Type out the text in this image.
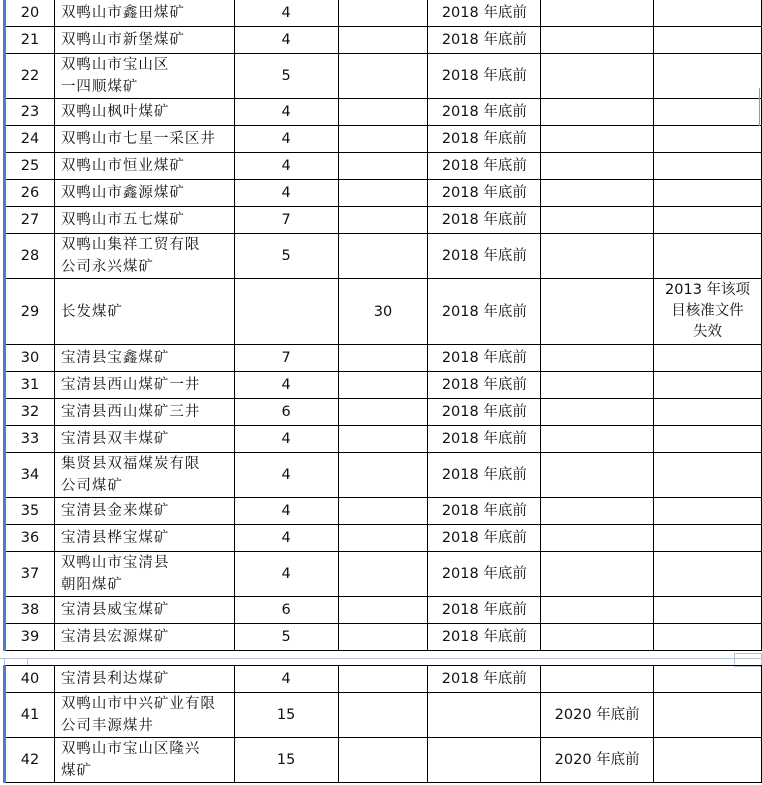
20	双鸭山市鑫田煤矿	4		2018 年底前		
21	双鸭山市新堡煤矿	4		2018 年底前		
22	双鸭山市宝山区
一四顺煤矿	5		2018 年底前		
23	双鸭山枫叶煤矿	4		2018 年底前		
24	双鸭山市七星一采区井	4		2018 年底前		
25	双鸭山市恒业煤矿	4		2018 年底前		
26	双鸭山市鑫源煤矿	4		2018 年底前		
27	双鸭山市五七煤矿	7		2018 年底前		
28	双鸭山集祥工贸有限
公司永兴煤矿	5		2018 年底前		
29	长发煤矿		30	2018 年底前		2013 年该项
目核准文件
失效

30	宝清县宝鑫煤矿	7		2018 年底前		
31	宝清县西山煤矿一井	4		2018 年底前		
32	宝清县西山煤矿三井	6		2018 年底前		
33	宝清县双丰煤矿	4		2018 年底前		
34	集贤县双福煤炭有限
公司煤矿	4		2018 年底前		
35	宝清县金来煤矿	4		2018 年底前		
36	宝清县桦宝煤矿	4		2018 年底前		
37	双鸭山市宝清县
朝阳煤矿	4		2018 年底前		
38	宝清县威宝煤矿	6		2018 年底前		
39	宝清县宏源煤矿	5		2018 年底前		
40	宝清县利达煤矿	4		2018 年底前		
41	双鸭山市中兴矿业有限
公司丰源煤井	15			2020 年底前	
42	双鸭山市宝山区隆兴
煤矿	15			2020 年底前	
